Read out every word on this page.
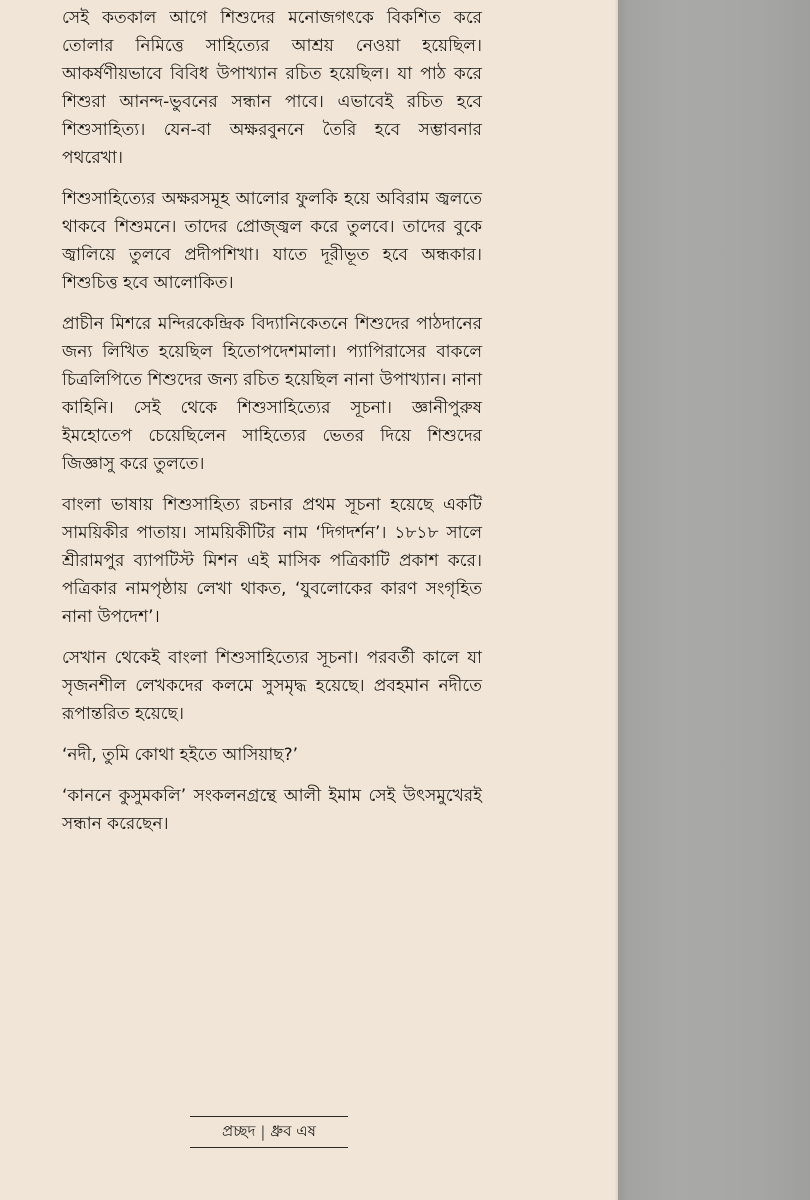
সেই কতকাল আগে শিশুদের মনোজগৎকে বিকশিত করে তোলার নিমিত্তে সাহিত্যের আশ্রয় নেওয়া হয়েছিল। আকর্ষণীয়ভাবে বিবিধ উপাখ্যান রচিত হয়েছিল। যা পাঠ করে শিশুরা আনন্দ-ভুবনের সন্ধান পাবে। এভাবেই রচিত হবে শিশুসাহিত্য। যেন-বা অক্ষরবুননে তৈরি হবে সম্ভাবনার পথরেখা।

শিশুসাহিত্যের অক্ষরসমূহ আলোর ফুলকি হয়ে অবিরাম জ্বলতে থাকবে শিশুমনে। তাদের প্রোজ্জ্বল করে তুলবে। তাদের বুকে জ্বালিয়ে তুলবে প্রদীপশিখা। যাতে দূরীভূত হবে অন্ধকার। শিশুচিত্ত হবে আলোকিত।

প্রাচীন মিশরে মন্দিরকেন্দ্রিক বিদ্যানিকেতনে শিশুদের পাঠদানের জন্য লিখিত হয়েছিল হিতোপদেশমালা। প্যাপিরাসের বাকলে চিত্রলিপিতে শিশুদের জন্য রচিত হয়েছিল নানা উপাখ্যান। নানা কাহিনি। সেই থেকে শিশুসাহিত্যের সূচনা। জ্ঞানীপুরুষ ইমহোতেপ চেয়েছিলেন সাহিত্যের ভেতর দিয়ে শিশুদের জিজ্ঞাসু করে তুলতে।

বাংলা ভাষায় শিশুসাহিত্য রচনার প্রথম সূচনা হয়েছে একটি সাময়িকীর পাতায়। সাময়িকীটির নাম ‘দিগদর্শন’। ১৮১৮ সালে শ্রীরামপুর ব্যাপটিস্ট মিশন এই মাসিক পত্রিকাটি প্রকাশ করে। পত্রিকার নামপৃষ্ঠায় লেখা থাকত, ‘যুবলোকের কারণ সংগৃহিত নানা উপদেশ’।

সেখান থেকেই বাংলা শিশুসাহিত্যের সূচনা। পরবর্তী কালে যা সৃজনশীল লেখকদের কলমে সুসমৃদ্ধ হয়েছে। প্রবহমান নদীতে রূপান্তরিত হয়েছে।

‘নদী, তুমি কোথা হইতে আসিয়াছ?’

‘কাননে কুসুমকলি’ সংকলনগ্রন্থে আলী ইমাম সেই উৎসমুখেরই সন্ধান করেছেন।

প্রচ্ছদ | ধ্রুব এষ
